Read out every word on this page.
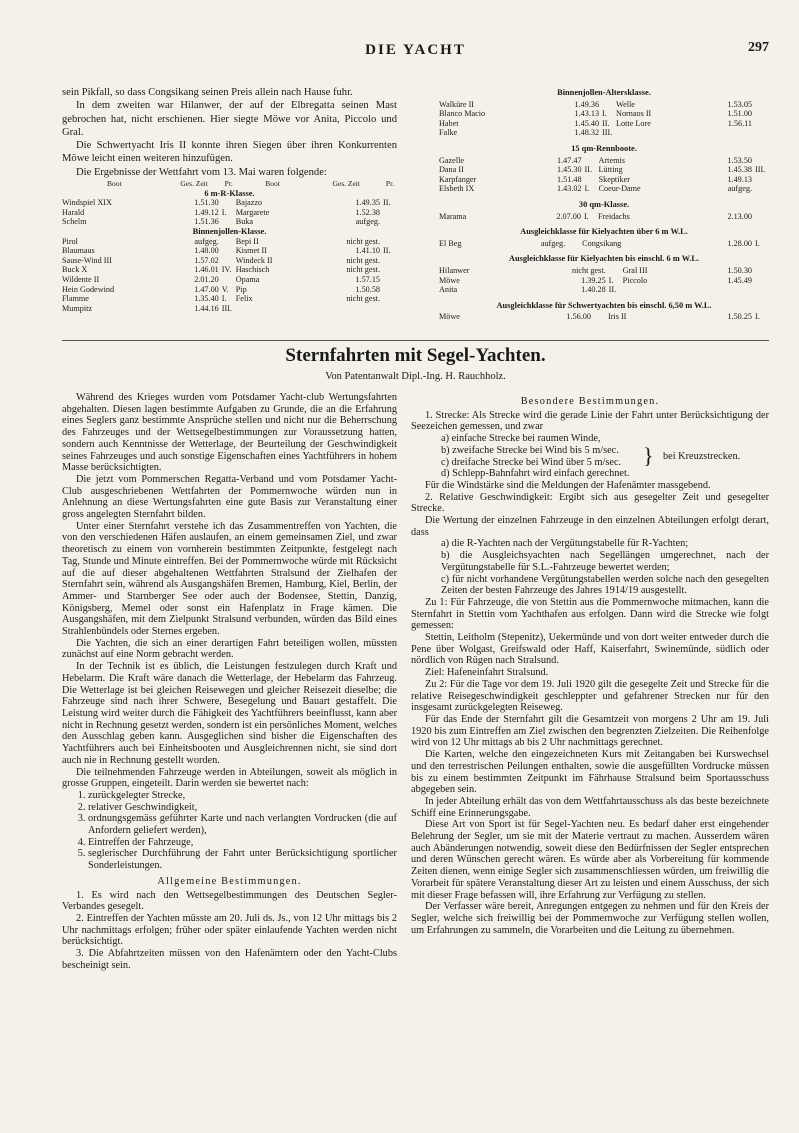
DIE YACHT	297

sein Pikfall, so dass Congsikang seinen Preis allein nach Hause fuhr.

In dem zweiten war Hilanwer, der auf der Elbregatta seinen Mast gebrochen hat, nicht erschienen. Hier siegte Möwe vor Anita, Piccolo und Gral.

Die Schwertyacht Iris II konnte ihren Siegen über ihren Konkurrenten Möwe leicht einen weiteren hinzufügen.

Die Ergebnisse der Wettfahrt vom 13. Mai waren folgende:

Boot	Ges. Zeit	Pr.	Boot	Ges. Zeit	Pr.
6 m-R-Klasse.					
Windspiel XIX	1.51.30		Bajazzo	1.49.35	II.
Harald	1.49.12	I.	Margarete	1.52.38	
Schelm	1.51.36		Buka	aufgeg.	
Binnenjollen-Klasse.					
Pirol	aufgeg.		Bepi II	nicht gest.	
Blaumaus	1.48.00		Kismet II	1.41.10	II.
Sause-Wind III	1.57.02		Windeck II	nicht gest.	
Buck X	1.46.01	IV.	Haschisch	nicht gest.	
Wildente II	2.01.20		Opama	1.57.15	
Hein Godewind	1.47.00	V.	Pip	1.50.58	
Flamme	1.35.40	I.	Felix	nicht gest.	
Mumpitz	1.44.16	III.			
Binnenjollen-Altersklasse.
Walküre II	1.49.36		Welle	1.53.05	
Blanco Macio	1.43.13	I.	Nornaos II	1.51.00	
Habet	1.45.40	II.	Lotte Lore	1.56.11	
Falke	1.48.32	III.			
15 qm-Rennboote.
Gazelle	1.47.47		Artemis	1.53.50	
Dana II	1.45.30	II.	Lütting	1.45.38	III.
Karpfanger	1.51.48		Skeptiker	1.49.13	
Elsbeth IX	1.43.02	I.	Coeur-Dame	aufgeg.	
30 qm-Klasse.
Marama	2.07.00	I.	Freidachs	2.13.00	
Ausgleichklasse für Kielyachten über 6 m W.L.
El Beg	aufgeg.		Congsikang	1.28.00	I.
Ausgleichklasse für Kielyachten bis einschl. 6 m W.L.
Hilanwer	nicht gest.		Gral III	1.50.30	
Möwe	1.39.25	I.	Piccolo	1.45.49	
Anita	1.40.28	II.			
Ausgleichklasse für Schwertyachten bis einschl. 6,50 m W.L.
Möwe	1.56.00		Iris II	1.50.25	I.
Sternfahrten mit Segel-Yachten.
Von Patentanwalt Dipl.-Ing. H. Rauchholz.

Während des Krieges wurden vom Potsdamer Yacht-club Wertungsfahrten abgehalten. Diesen lagen bestimmte Aufgaben zu Grunde, die an die Erfahrung eines Seglers ganz bestimmte Ansprüche stellen und nicht nur die Beherrschung des Fahrzeuges und der Wettsegelbestimmungen zur Voraussetzung hatten, sondern auch Kenntnisse der Wetterlage, der Beurteilung der Geschwindigkeit seines Fahrzeuges und auch sonstige Eigenschaften eines Yachtführers in hohem Masse berücksichtigten.

Die jetzt vom Pommerschen Regatta-Verband und vom Potsdamer Yacht-Club ausgeschriebenen Wettfahrten der Pommernwoche würden nun in Anlehnung an diese Wertungsfahrten eine gute Basis zur Veranstaltung einer gross angelegten Sternfahrt bilden.

Unter einer Sternfahrt verstehe ich das Zusammentreffen von Yachten, die von den verschiedenen Häfen auslaufen, an einem gemeinsamen Ziel, und zwar theoretisch zu einem von vornherein bestimmten Zeitpunkte, festgelegt nach Tag, Stunde und Minute eintreffen. Bei der Pommernwoche würde mit Rücksicht auf die auf dieser abgehaltenen Wettfahrten Stralsund der Zielhafen der Sternfahrt sein, während als Ausgangshäfen Bremen, Hamburg, Kiel, Berlin, der Ammer- und Starnberger See oder auch der Bodensee, Stettin, Danzig, Königsberg, Memel oder sonst ein Hafenplatz in Frage kämen. Die Ausgangshäfen, mit dem Zielpunkt Stralsund verbunden, würden das Bild eines Strahlenbündels oder Sternes ergeben.

Die Yachten, die sich an einer derartigen Fahrt beteiligen wollen, müssten zunächst auf eine Norm gebracht werden.

In der Technik ist es üblich, die Leistungen festzulegen durch Kraft und Hebelarm. Die Kraft wäre danach die Wetterlage, der Hebelarm das Fahrzeug. Die Wetterlage ist bei gleichen Reisewegen und gleicher Reisezeit dieselbe; die Fahrzeuge sind nach ihrer Schwere, Besegelung und Bauart gestaffelt. Die Leistung wird weiter durch die Fähigkeit des Yachtführers beeinflusst, kann aber nicht in Rechnung gesetzt werden, sondern ist ein persönliches Moment, welches den Ausschlag geben kann. Ausgeglichen sind bisher die Eigenschaften des Yachtführers auch bei Einheitsbooten und Ausgleichrennen nicht, sie sind dort auch nie in Rechnung gestellt worden.

Die teilnehmenden Fahrzeuge werden in Abteilungen, soweit als möglich in grosse Gruppen, eingeteilt. Darin werden sie bewertet nach:

1. zurückgelegter Strecke,
2. relativer Geschwindigkeit,
3. ordnungsgemäss geführter Karte und nach verlangten Vordrucken (die auf Anfordern geliefert werden),
4. Eintreffen der Fahrzeuge,
5. seglerischer Durchführung der Fahrt unter Berücksichtigung sportlicher Sonderleistungen.

Allgemeine Bestimmungen.

1. Es wird nach den Wettsegelbestimmungen des Deutschen Segler-Verbandes gesegelt.

2. Eintreffen der Yachten müsste am 20. Juli ds. Js., von 12 Uhr mittags bis 2 Uhr nachmittags erfolgen; früher oder später einlaufende Yachten werden nicht berücksichtigt.

3. Die Abfahrtzeiten müssen von den Hafenämtern oder den Yacht-Clubs bescheinigt sein.

Besondere Bestimmungen.

1. Strecke: Als Strecke wird die gerade Linie der Fahrt unter Berücksichtigung der Seezeichen gemessen, und zwar

a) einfache Strecke bei raumen Winde,

b) zweifache Strecke bei Wind bis 5 m/sec.
c) dreifache Strecke bei Wind über 5 m/sec. } bei Kreuzstrecken.

d) Schlepp-Bahnfahrt wird einfach gerechnet.

Für die Windstärke sind die Meldungen der Hafenämter massgebend.

2. Relative Geschwindigkeit: Ergibt sich aus gesegelter Zeit und gesegelter Strecke.

Die Wertung der einzelnen Fahrzeuge in den einzelnen Abteilungen erfolgt derart, dass

a) die R-Yachten nach der Vergütungstabelle für R-Yachten;

b) die Ausgleichsyachten nach Segellängen umgerechnet, nach der Vergütungstabelle für S.L.-Fahrzeuge bewertet werden;

c) für nicht vorhandene Vergütungstabellen werden solche nach den gesegelten Zeiten der besten Fahrzeuge des Jahres 1914/19 ausgestellt.

Zu 1: Für Fahrzeuge, die von Stettin aus die Pommernwoche mitmachen, kann die Sternfahrt in Stettin vom Yachthafen aus erfolgen. Dann wird die Strecke wie folgt gemessen:

Stettin, Leitholm (Stepenitz), Uekermünde und von dort weiter entweder durch die Pene über Wolgast, Greifswald oder Haff, Kaiserfahrt, Swinemünde, südlich oder nördlich von Rügen nach Stralsund.

Ziel: Hafeneinfahrt Stralsund.

Zu 2: Für die Tage vor dem 19. Juli 1920 gilt die gesegelte Zeit und Strecke für die relative Reisegeschwindigkeit geschleppter und gefahrener Strecken nur für den insgesamt zurückgelegten Reiseweg.

Für das Ende der Sternfahrt gilt die Gesamtzeit von morgens 2 Uhr am 19. Juli 1920 bis zum Eintreffen am Ziel zwischen den begrenzten Zielzeiten. Die Reihenfolge wird von 12 Uhr mittags ab bis 2 Uhr nachmittags gerechnet.

Die Karten, welche den eingezeichneten Kurs mit Zeitangaben bei Kurswechsel und den terrestrischen Peilungen enthalten, sowie die ausgefüllten Vordrucke müssen bis zu einem bestimmten Zeitpunkt im Fährhause Stralsund beim Sportausschuss abgegeben sein.

In jeder Abteilung erhält das von dem Wettfahrtausschuss als das beste bezeichnete Schiff eine Erinnerungsgabe.

Diese Art von Sport ist für Segel-Yachten neu. Es bedarf daher erst eingehender Belehrung der Segler, um sie mit der Materie vertraut zu machen. Ausserdem wären auch Abänderungen notwendig, soweit diese den Bedürfnissen der Segler entsprechen und deren Wünschen gerecht wären. Es würde aber als Vorbereitung für kommende Zeiten dienen, wenn einige Segler sich zusammenschliessen würden, um freiwillig die Vorarbeit für spätere Veranstaltung dieser Art zu leisten und einem Ausschuss, der sich mit dieser Frage befassen will, ihre Erfahrung zur Verfügung zu stellen.

Der Verfasser wäre bereit, Anregungen entgegen zu nehmen und für den Kreis der Segler, welche sich freiwillig bei der Pommernwoche zur Verfügung stellen wollen, um Erfahrungen zu sammeln, die Vorarbeiten und die Leitung zu übernehmen.
